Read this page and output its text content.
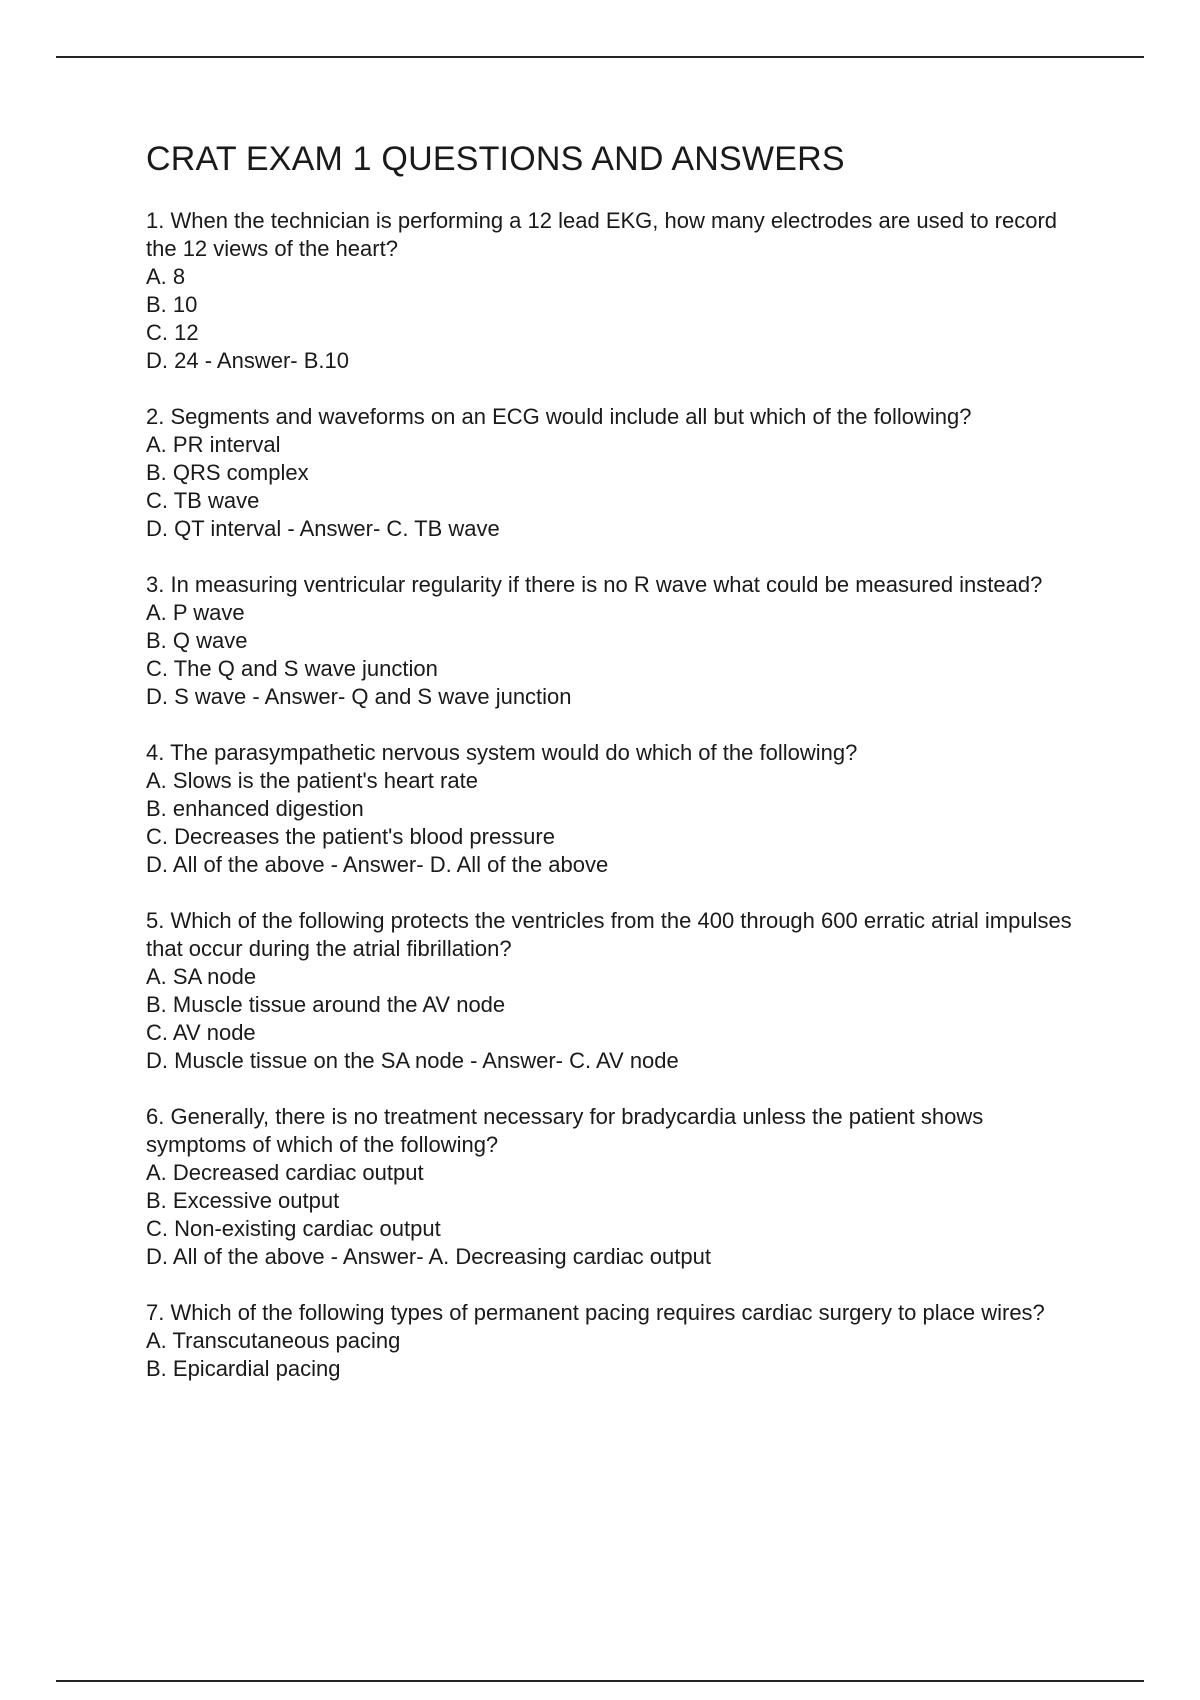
CRAT EXAM 1 QUESTIONS AND ANSWERS
1. When the technician is performing a 12 lead EKG, how many electrodes are used to record the 12 views of the heart?
A. 8
B. 10
C. 12
D. 24 - Answer- B.10
2. Segments and waveforms on an ECG would include all but which of the following?
A. PR interval
B. QRS complex
C. TB wave
D. QT interval - Answer- C. TB wave
3. In measuring ventricular regularity if there is no R wave what could be measured instead?
A. P wave
B. Q wave
C. The Q and S wave junction
D. S wave - Answer- Q and S wave junction
4. The parasympathetic nervous system would do which of the following?
A. Slows is the patient's heart rate
B. enhanced digestion
C. Decreases the patient's blood pressure
D. All of the above - Answer- D. All of the above
5. Which of the following protects the ventricles from the 400 through 600 erratic atrial impulses that occur during the atrial fibrillation?
A. SA node
B. Muscle tissue around the AV node
C. AV node
D. Muscle tissue on the SA node - Answer- C. AV node
6. Generally, there is no treatment necessary for bradycardia unless the patient shows symptoms of which of the following?
A. Decreased cardiac output
B. Excessive output
C. Non-existing cardiac output
D. All of the above - Answer- A. Decreasing cardiac output
7. Which of the following types of permanent pacing requires cardiac surgery to place wires?
A. Transcutaneous pacing
B. Epicardial pacing
